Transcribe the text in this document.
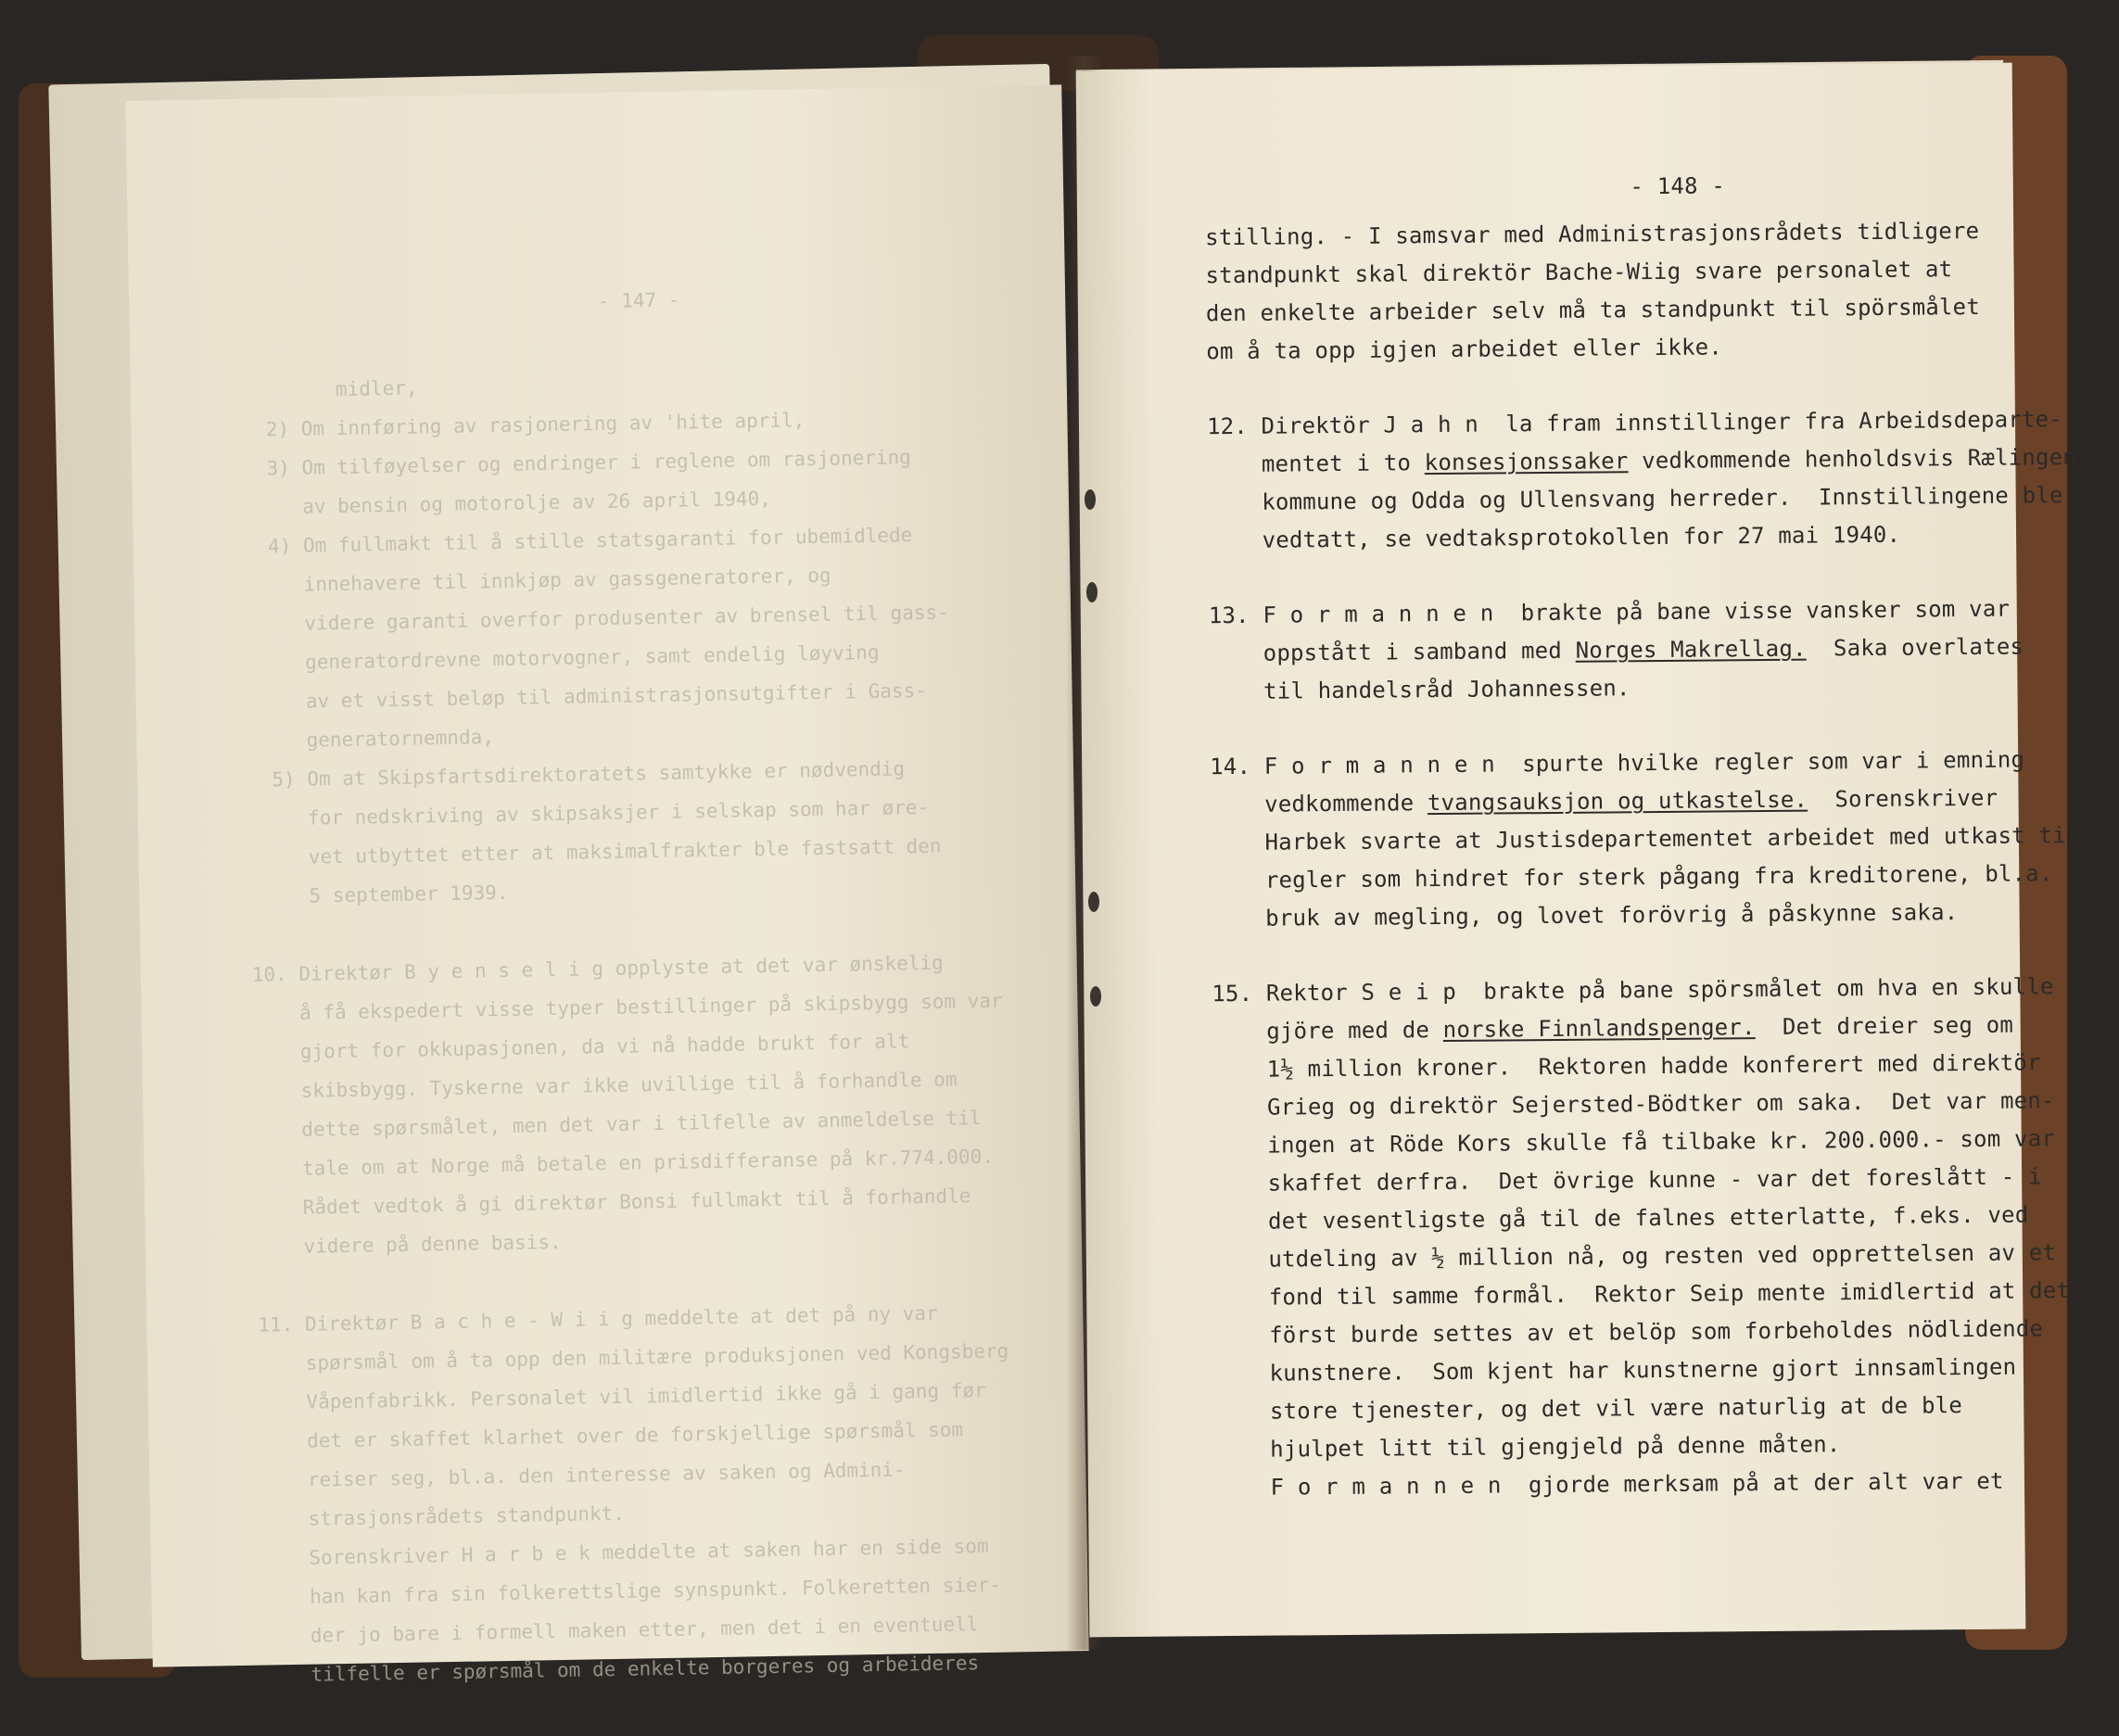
- 147 -

midler,
2) Om innføring av rasjonering av 'hite april,
3) Om tilføyelser og endringer i reglene om rasjonering
av bensin og motorolje av 26 april 1940,
4) Om fullmakt til å stille statsgaranti for ubemidlede
innehavere til innkjøp av gassgeneratorer, og
videre garanti overfor produsenter av brensel til gass-
generatordrevne motorvogner, samt endelig løyving
av et visst beløp til administrasjonsutgifter i Gass-
generatornemnda,
5) Om at Skipsfartsdirektoratets samtykke er nødvendig
for nedskriving av skipsaksjer i selskap som har øre-
vet utbyttet etter at maksimalfrakter ble fastsatt den
5 september 1939.

10. Direktør B y e n s e l i g opplyste at det var ønskelig
å få ekspedert visse typer bestillinger på skipsbygg som var
gjort for okkupasjonen, da vi nå hadde brukt for alt
skibsbygg. Tyskerne var ikke uvillige til å forhandle om
dette spørsmålet, men det var i tilfelle av anmeldelse til
tale om at Norge må betale en prisdifferanse på kr.774.000.
Rådet vedtok å gi direktør Bonsi fullmakt til å forhandle
videre på denne basis.

11. Direktør B a c h e - W i i g meddelte at det på ny var
spørsmål om å ta opp den militære produksjonen ved Kongsberg
Våpenfabrikk. Personalet vil imidlertid ikke gå i gang før
det er skaffet klarhet over de forskjellige spørsmål som
reiser seg, bl.a. den interesse av saken og Admini-
strasjonsrådets standpunkt.
Sorenskriver H a r b e k meddelte at saken har en side som
han kan fra sin folkerettslige synspunkt. Folkeretten sier-
der jo bare i formell maken etter, men det i en eventuell
tilfelle er spørsmål om de enkelte borgeres og arbeideres

- 148 -
stilling. - I samsvar med Administrasjonsrådets tidligere
standpunkt skal direktör Bache-Wiig svare personalet at
den enkelte arbeider selv må ta standpunkt til spörsmålet
om å ta opp igjen arbeidet eller ikke.

12. Direktör J a h n  la fram innstillinger fra Arbeidsdeparte-
mentet i to konsesjonssaker vedkommende henholdsvis Rælingen
kommune og Odda og Ullensvang herreder.  Innstillingene ble
vedtatt, se vedtaksprotokollen for 27 mai 1940.

13. F o r m a n n e n  brakte på bane visse vansker som var
oppstått i samband med Norges Makrellag.  Saka overlates
til handelsråd Johannessen.

14. F o r m a n n e n  spurte hvilke regler som var i emning
vedkommende tvangsauksjon og utkastelse.  Sorenskriver
Harbek svarte at Justisdepartementet arbeidet med utkast til
regler som hindret for sterk pågang fra kreditorene, bl.a.
bruk av megling, og lovet forövrig å påskynne saka.

15. Rektor S e i p  brakte på bane spörsmålet om hva en skulle
gjöre med de norske Finnlandspenger.  Det dreier seg om
1½ million kroner.  Rektoren hadde konferert med direktör
Grieg og direktör Sejersted-Bödtker om saka.  Det var men-
ingen at Röde Kors skulle få tilbake kr. 200.000.- som var
skaffet derfra.  Det övrige kunne - var det foreslått - i
det vesentligste gå til de falnes etterlatte, f.eks. ved
utdeling av ½ million nå, og resten ved opprettelsen av et
fond til samme formål.  Rektor Seip mente imidlertid at det
först burde settes av et belöp som forbeholdes nödlidende
kunstnere.  Som kjent har kunstnerne gjort innsamlingen
store tjenester, og det vil være naturlig at de ble
hjulpet litt til gjengjeld på denne måten.
F o r m a n n e n  gjorde merksam på at der alt var et
